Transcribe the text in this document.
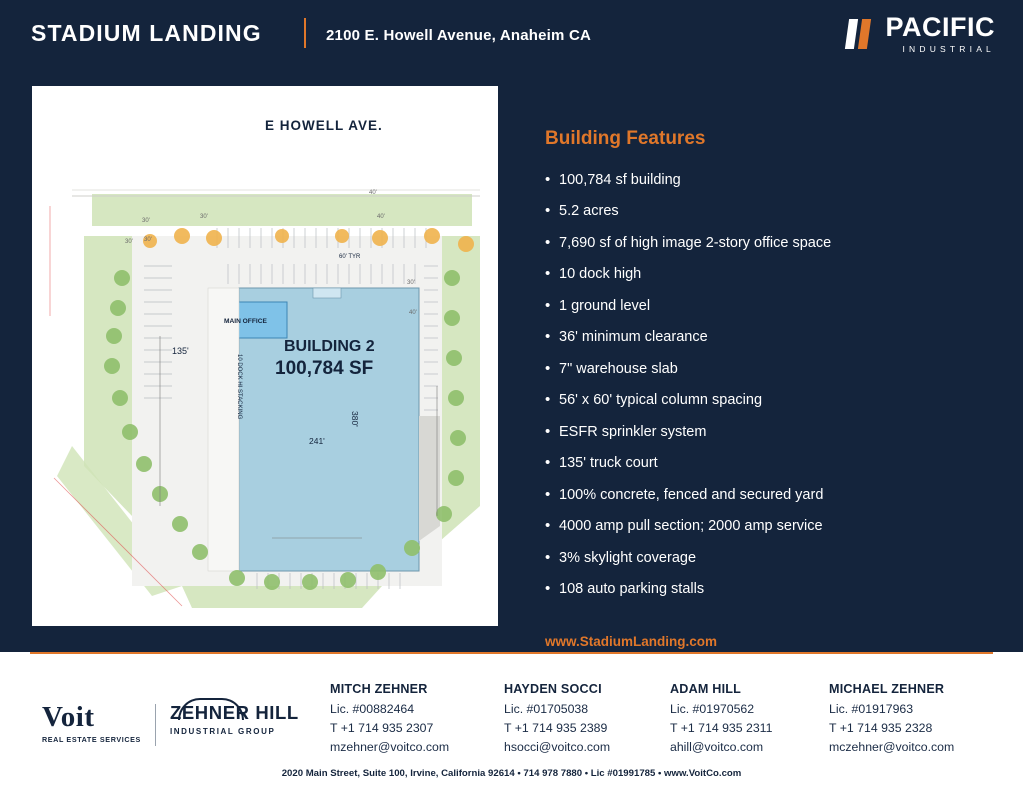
STADIUM LANDING	2100 E. Howell Avenue, Anaheim CA	PACIFIC
INDUSTRIAL
E HOWELL AVE.
MAIN OFFICE
BUILDING 2
100,784 SF
135'
380'
241'
10 DOCK HI STACKING
60' TYR
30'
30'	40'
30'
40'
30'
30'
40'
Building Features
• 100,784 sf building
• 5.2 acres
• 7,690 sf of high image 2-story office space
• 10 dock high
• 1 ground level
• 36' minimum clearance
• 7" warehouse slab
• 56' x 60' typical column spacing
• ESFR sprinkler system
• 135' truck court
• 100% concrete, fenced and secured yard
• 4000 amp pull section; 2000 amp service
• 3% skylight coverage
• 108 auto parking stalls
www.StadiumLanding.com
Voit
REAL ESTATE SERVICES
ZEHNER HILL
INDUSTRIAL GROUP
MITCH ZEHNER
Lic. #00882464
T +1 714 935 2307
mzehner@voitco.com
HAYDEN SOCCI
Lic. #01705038
T +1 714 935 2389
hsocci@voitco.com
ADAM HILL
Lic. #01970562
T +1 714 935 2311
ahill@voitco.com
MICHAEL ZEHNER
Lic. #01917963
T +1 714 935 2328
mczehner@voitco.com
2020 Main Street, Suite 100, Irvine, California 92614 • 714 978 7880 • Lic #01991785 • www.VoitCo.com
